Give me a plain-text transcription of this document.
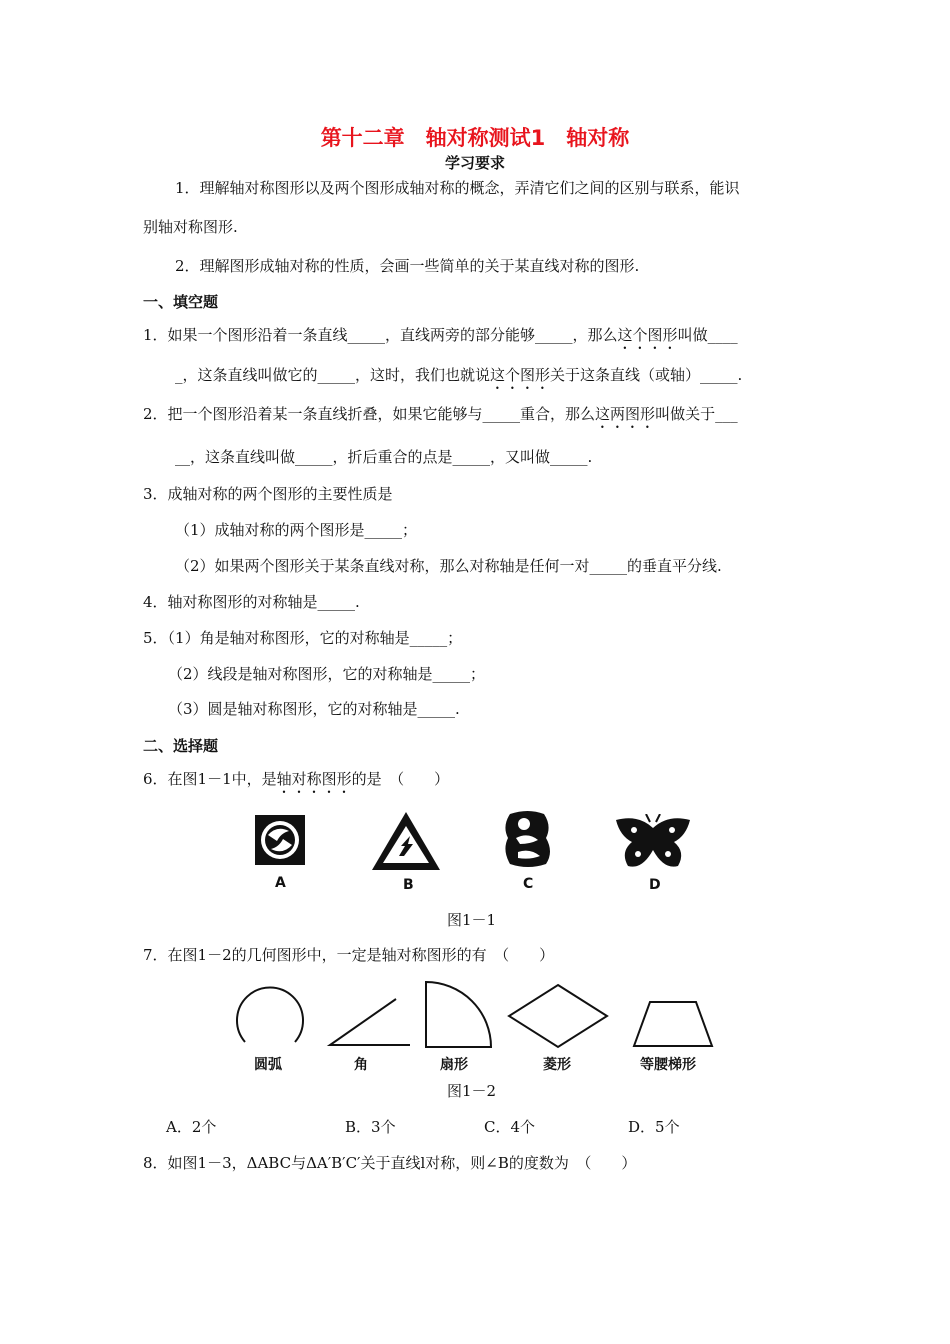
第十二章　轴对称测试1　轴对称
学习要求
1．理解轴对称图形以及两个图形成轴对称的概念，弄清它们之间的区别与联系，能识
别轴对称图形.
2．理解图形成轴对称的性质，会画一些简单的关于某直线对称的图形.
一、填空题
1．如果一个图形沿着一条直线_____，直线两旁的部分能够_____，那么这个图形叫做____
_，这条直线叫做它的_____，这时，我们也就说这个图形关于这条直线（或轴）_____.
2．把一个图形沿着某一条直线折叠，如果它能够与_____重合，那么这两图形叫做关于___
__，这条直线叫做_____，折后重合的点是_____，又叫做_____.
3．成轴对称的两个图形的主要性质是
（1）成轴对称的两个图形是_____；
（2）如果两个图形关于某条直线对称，那么对称轴是任何一对_____的垂直平分线.
4．轴对称图形的对称轴是_____.
5．（1）角是轴对称图形，它的对称轴是_____；
（2）线段是轴对称图形，它的对称轴是_____；
（3）圆是轴对称图形，它的对称轴是_____.
二、选择题
6．在图1－1中，是轴对称图形的是　（　　）
A	B	C	D
图1－1
7．在图1－2的几何图形中，一定是轴对称图形的有　（　　）
圆弧	角	扇形	菱形	等腰梯形
图1－2
A．2个	B．3个	C．4个	D．5个
8．如图1－3，ΔABC与ΔA′B′C′关于直线l对称，则∠B的度数为　（　　）
